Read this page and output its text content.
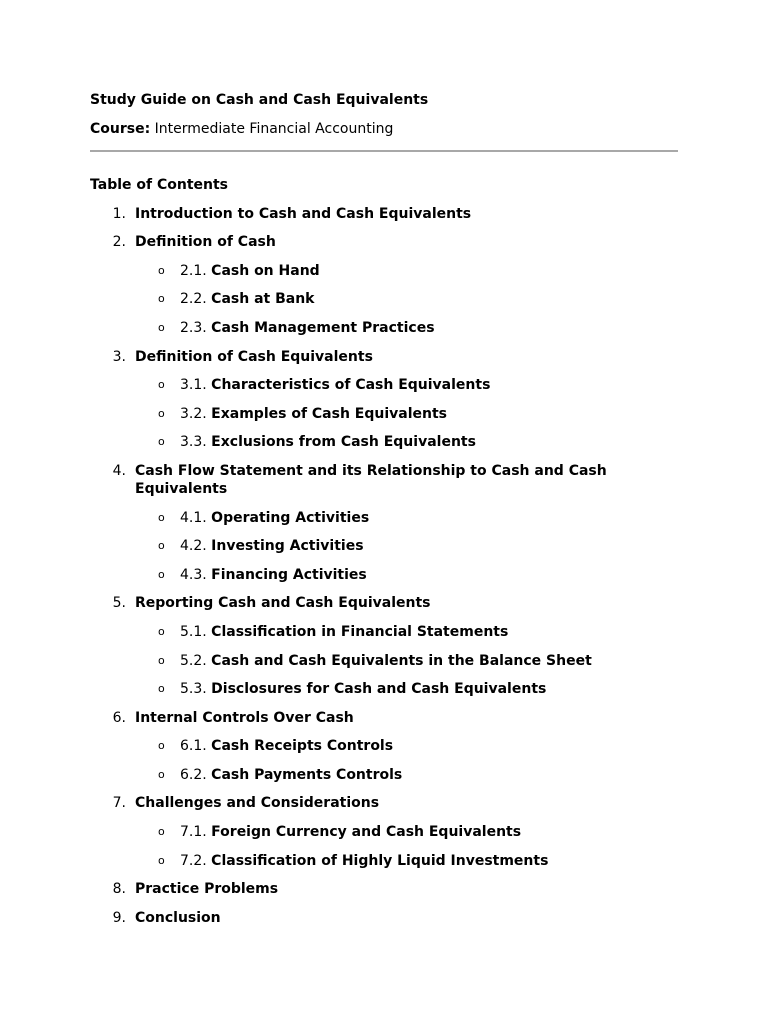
Study Guide on Cash and Cash Equivalents

Course: Intermediate Financial Accounting
Table of Contents
1. Introduction to Cash and Cash Equivalents
2. Definition of Cash
o 2.1. Cash on Hand
o 2.2. Cash at Bank
o 2.3. Cash Management Practices
3. Definition of Cash Equivalents
o 3.1. Characteristics of Cash Equivalents
o 3.2. Examples of Cash Equivalents
o 3.3. Exclusions from Cash Equivalents
4. Cash Flow Statement and its Relationship to Cash and Cash Equivalents
o 4.1. Operating Activities
o 4.2. Investing Activities
o 4.3. Financing Activities
5. Reporting Cash and Cash Equivalents
o 5.1. Classification in Financial Statements
o 5.2. Cash and Cash Equivalents in the Balance Sheet
o 5.3. Disclosures for Cash and Cash Equivalents
6. Internal Controls Over Cash
o 6.1. Cash Receipts Controls
o 6.2. Cash Payments Controls
7. Challenges and Considerations
o 7.1. Foreign Currency and Cash Equivalents
o 7.2. Classification of Highly Liquid Investments
8. Practice Problems
9. Conclusion
